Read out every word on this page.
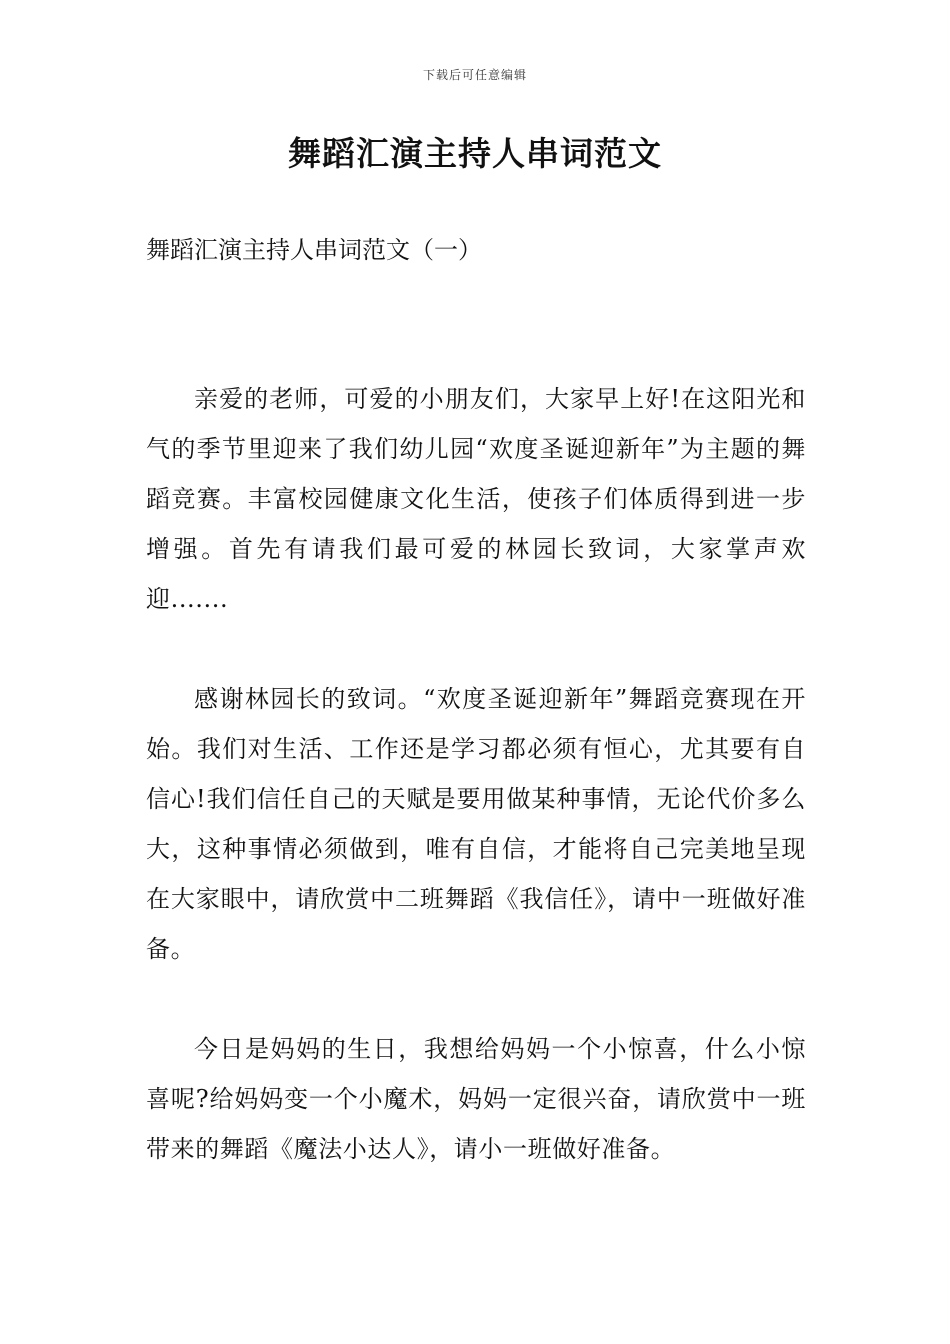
下载后可任意编辑
舞蹈汇演主持人串词范文
舞蹈汇演主持人串词范文（一）

亲爱的老师，可爱的小朋友们，大家早上好!在这阳光和气的季节里迎来了我们幼儿园“欢度圣诞迎新年”为主题的舞蹈竞赛。丰富校园健康文化生活，使孩子们体质得到进一步增强。首先有请我们最可爱的林园长致词，大家掌声欢迎.......

感谢林园长的致词。“欢度圣诞迎新年”舞蹈竞赛现在开始。我们对生活、工作还是学习都必须有恒心，尤其要有自信心!我们信任自己的天赋是要用做某种事情，无论代价多么大，这种事情必须做到，唯有自信，才能将自己完美地呈现在大家眼中，请欣赏中二班舞蹈《我信任》，请中一班做好准备。

今日是妈妈的生日，我想给妈妈一个小惊喜，什么小惊喜呢?给妈妈变一个小魔术，妈妈一定很兴奋，请欣赏中一班带来的舞蹈《魔法小达人》，请小一班做好准备。
